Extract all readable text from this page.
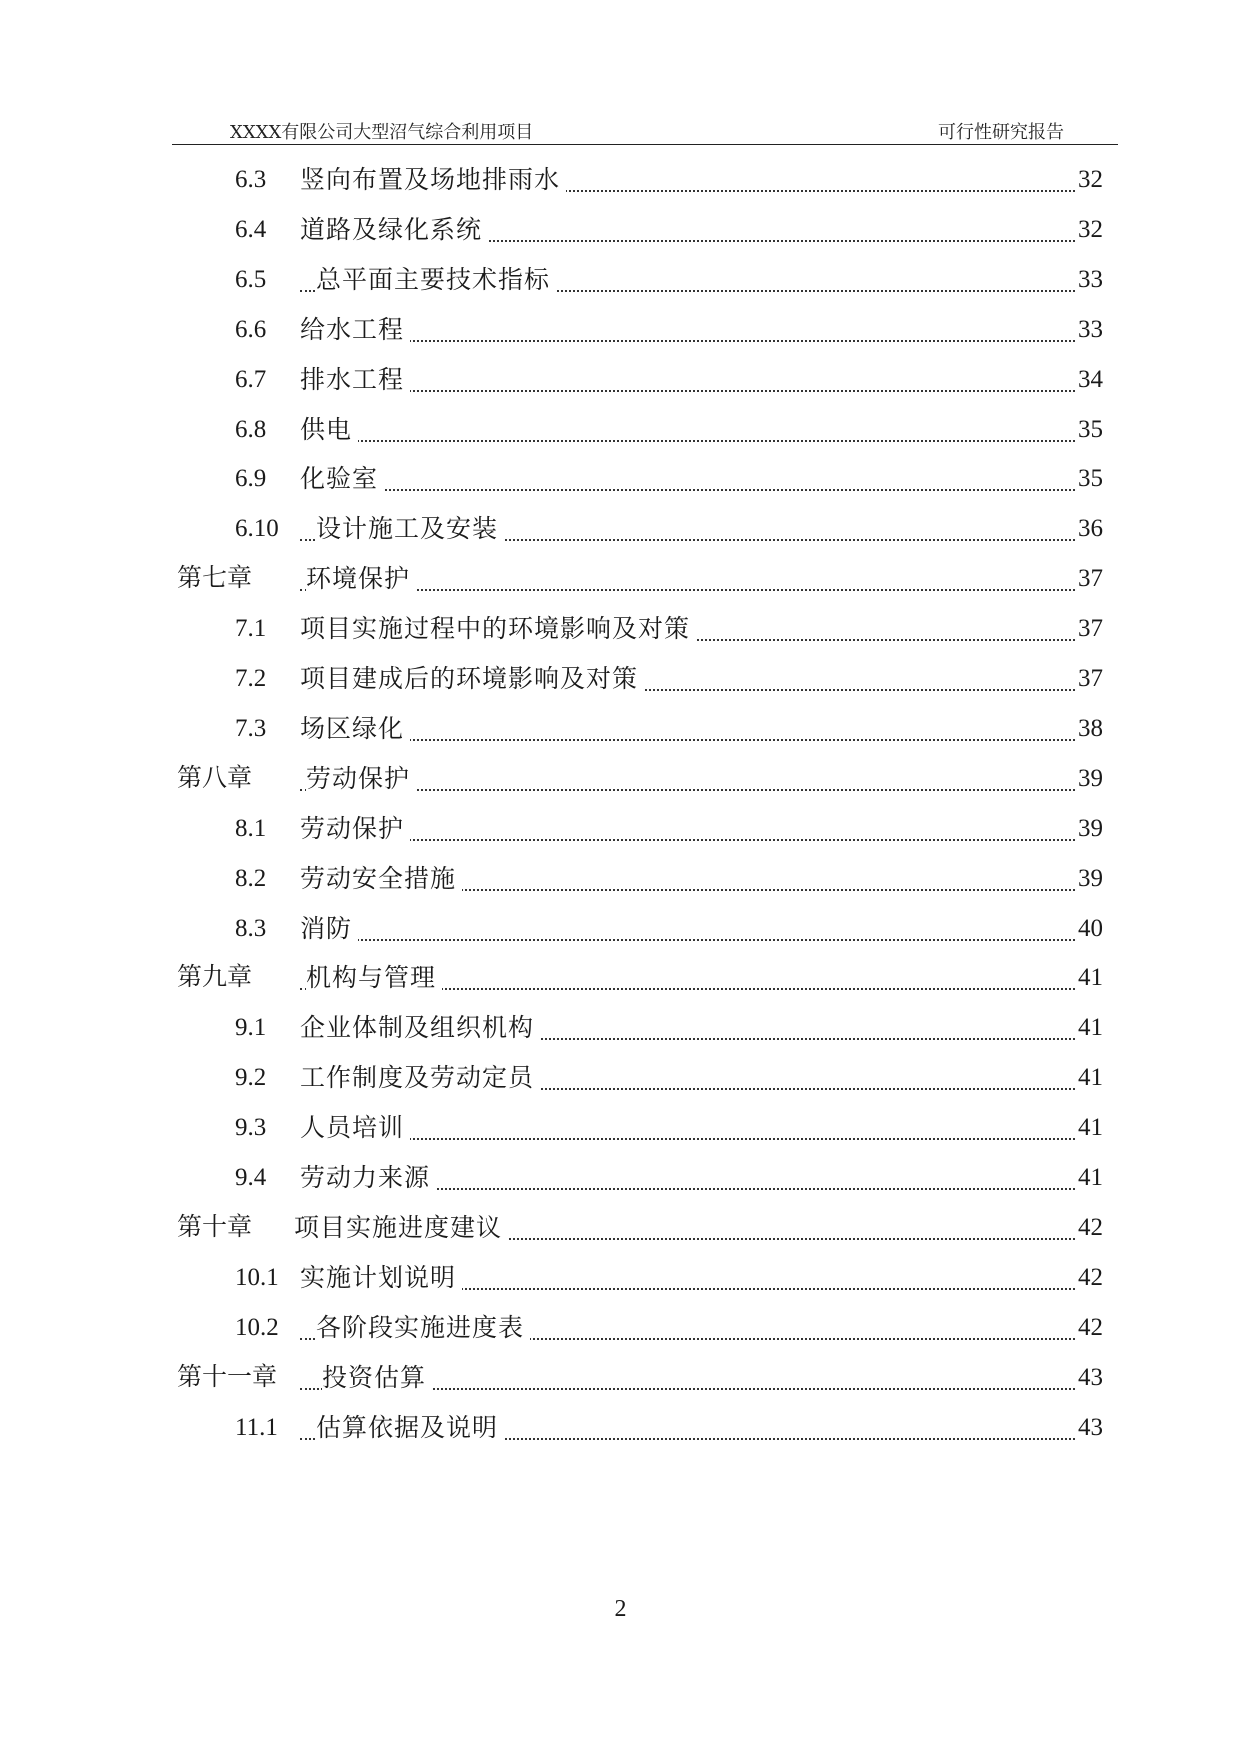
XXXX有限公司大型沼气综合利用项目	可行性研究报告
6.3 竖向布置及场地排雨水	32
6.4 道路及绿化系统	32
6.5 总平面主要技术指标	33
6.6 给水工程	33
6.7 排水工程	34
6.8 供电	35
6.9 化验室	35
6.10 设计施工及安装	36
第七章 环境保护	37
7.1 项目实施过程中的环境影响及对策	37
7.2 项目建成后的环境影响及对策	37
7.3 场区绿化	38
第八章 劳动保护	39
8.1 劳动保护	39
8.2 劳动安全措施	39
8.3 消防	40
第九章 机构与管理	41
9.1 企业体制及组织机构	41
9.2 工作制度及劳动定员	41
9.3 人员培训	41
9.4 劳动力来源	41
第十章 项目实施进度建议	42
10.1 实施计划说明	42
10.2 各阶段实施进度表	42
第十一章 投资估算	43
11.1 估算依据及说明	43
2
